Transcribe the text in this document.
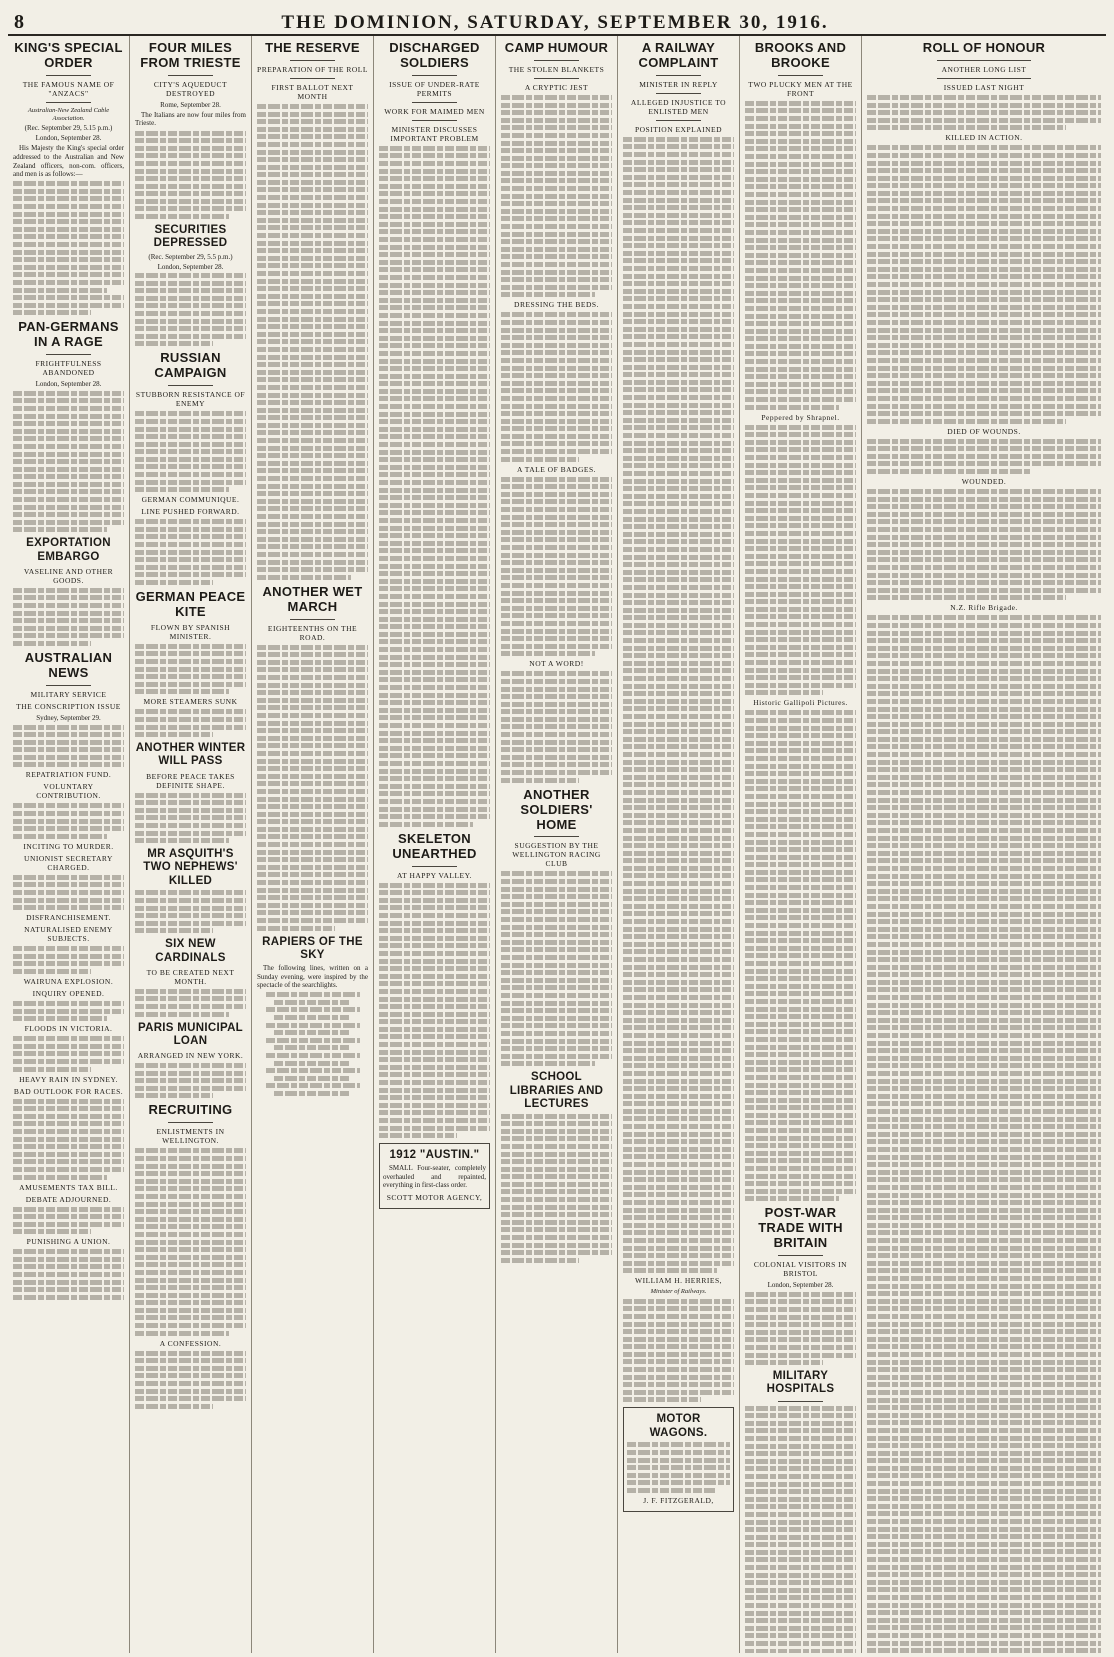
8	THE DOMINION, SATURDAY, SEPTEMBER 30, 1916.
KING'S SPECIAL ORDER
THE FAMOUS NAME OF "ANZACS"
Australian-New Zealand Cable Association.
(Rec. September 29, 5.15 p.m.)
London, September 28.

His Majesty the King's special order addressed to the Australian and New Zealand officers, non-com. officers, and men is as follows:—

PAN-GERMANS IN A RAGE
FRIGHTFULNESS ABANDONED
London, September 28.
EXPORTATION EMBARGO
VASELINE AND OTHER GOODS.
AUSTRALIAN NEWS
MILITARY SERVICE
THE CONSCRIPTION ISSUE
Sydney, September 29.
REPATRIATION FUND.
VOLUNTARY CONTRIBUTION.
INCITING TO MURDER.
UNIONIST SECRETARY CHARGED.
DISFRANCHISEMENT.
NATURALISED ENEMY SUBJECTS.
WAIRUNA EXPLOSION.
INQUIRY OPENED.
FLOODS IN VICTORIA.
HEAVY RAIN IN SYDNEY.
BAD OUTLOOK FOR RACES.
AMUSEMENTS TAX BILL.
DEBATE ADJOURNED.
PUNISHING A UNION.
FOUR MILES FROM TRIESTE
CITY'S AQUEDUCT DESTROYED
Rome, September 28.

The Italians are now four miles from Trieste.

SECURITIES DEPRESSED
(Rec. September 29, 5.5 p.m.)
London, September 28.
RUSSIAN CAMPAIGN
STUBBORN RESISTANCE OF ENEMY
GERMAN COMMUNIQUE.
LINE PUSHED FORWARD.
GERMAN PEACE KITE
FLOWN BY SPANISH MINISTER.
MORE STEAMERS SUNK
ANOTHER WINTER WILL PASS
BEFORE PEACE TAKES DEFINITE SHAPE.
MR ASQUITH'S TWO NEPHEWS' KILLED
SIX NEW CARDINALS
TO BE CREATED NEXT MONTH.
PARIS MUNICIPAL LOAN
ARRANGED IN NEW YORK.
RECRUITING
ENLISTMENTS IN WELLINGTON.
A CONFESSION.
THE RESERVE
PREPARATION OF THE ROLL
FIRST BALLOT NEXT MONTH
ANOTHER WET MARCH
EIGHTEENTHS ON THE ROAD.
RAPIERS OF THE SKY

The following lines, written on a Sunday evening, were inspired by the spectacle of the searchlights.

DISCHARGED SOLDIERS
ISSUE OF UNDER-RATE PERMITS
WORK FOR MAIMED MEN
MINISTER DISCUSSES IMPORTANT PROBLEM
SKELETON UNEARTHED
AT HAPPY VALLEY.
1912 "AUSTIN."

SMALL Four-seater, completely overhauled and repainted, everything in first-class order.

SCOTT MOTOR AGENCY,
CAMP HUMOUR
THE STOLEN BLANKETS
A CRYPTIC JEST
DRESSING THE BEDS.
A TALE OF BADGES.
NOT A WORD!
ANOTHER SOLDIERS' HOME
SUGGESTION BY THE WELLINGTON RACING CLUB
SCHOOL LIBRARIES AND LECTURES
A RAILWAY COMPLAINT
MINISTER IN REPLY
ALLEGED INJUSTICE TO ENLISTED MEN
POSITION EXPLAINED
WILLIAM H. HERRIES,
Minister of Railways.
MOTOR WAGONS.
J. F. FITZGERALD,
BROOKS AND BROOKE
TWO PLUCKY MEN AT THE FRONT
Peppered by Shrapnel.
Historic Gallipoli Pictures.
POST-WAR TRADE WITH BRITAIN
COLONIAL VISITORS IN BRISTOL
London, September 28.
MILITARY HOSPITALS
ROLL OF HONOUR
ANOTHER LONG LIST
ISSUED LAST NIGHT
KILLED IN ACTION.
DIED OF WOUNDS.
WOUNDED.
N.Z. Rifle Brigade.
